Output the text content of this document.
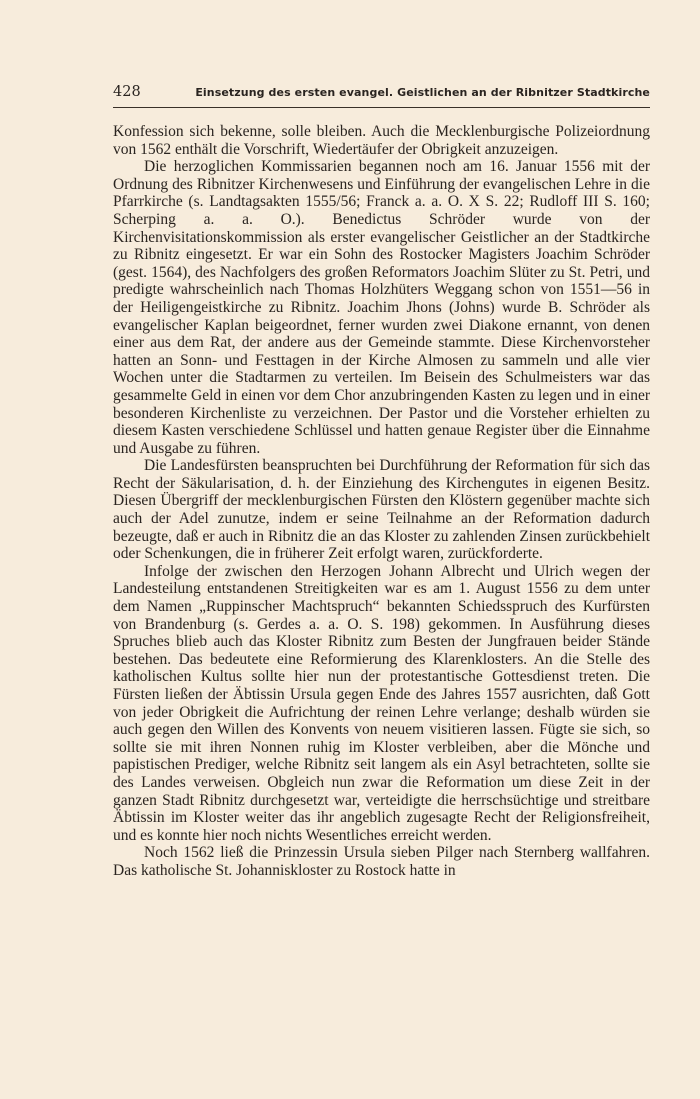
428	Einsetzung des ersten evangel. Geistlichen an der Ribnitzer Stadtkirche

Konfession sich bekenne, solle bleiben. Auch die Mecklenburgische Polizeiordnung von 1562 enthält die Vorschrift, Wiedertäufer der Obrigkeit anzuzeigen.

Die herzoglichen Kommissarien begannen noch am 16. Januar 1556 mit der Ordnung des Ribnitzer Kirchenwesens und Einführung der evangelischen Lehre in die Pfarrkirche (s. Landtagsakten 1555/56; Franck a. a. O. X S. 22; Rudloff III S. 160; Scherping a. a. O.). Benedictus Schröder wurde von der Kirchenvisitationskommission als erster evangelischer Geistlicher an der Stadtkirche zu Ribnitz eingesetzt. Er war ein Sohn des Rostocker Magisters Joachim Schröder (gest. 1564), des Nachfolgers des großen Reformators Joachim Slüter zu St. Petri, und predigte wahrscheinlich nach Thomas Holzhüters Weggang schon von 1551—56 in der Heiligengeistkirche zu Ribnitz. Joachim Jhons (Johns) wurde B. Schröder als evangelischer Kaplan beigeordnet, ferner wurden zwei Diakone ernannt, von denen einer aus dem Rat, der andere aus der Gemeinde stammte. Diese Kirchenvorsteher hatten an Sonn- und Festtagen in der Kirche Almosen zu sammeln und alle vier Wochen unter die Stadtarmen zu verteilen. Im Beisein des Schulmeisters war das gesammelte Geld in einen vor dem Chor anzubringenden Kasten zu legen und in einer besonderen Kirchenliste zu verzeichnen. Der Pastor und die Vorsteher erhielten zu diesem Kasten verschiedene Schlüssel und hatten genaue Register über die Einnahme und Ausgabe zu führen.

Die Landesfürsten beanspruchten bei Durchführung der Reformation für sich das Recht der Säkularisation, d. h. der Einziehung des Kirchengutes in eigenen Besitz. Diesen Übergriff der mecklenburgischen Fürsten den Klöstern gegenüber machte sich auch der Adel zunutze, indem er seine Teilnahme an der Reformation dadurch bezeugte, daß er auch in Ribnitz die an das Kloster zu zahlenden Zinsen zurückbehielt oder Schenkungen, die in früherer Zeit erfolgt waren, zurückforderte.

Infolge der zwischen den Herzogen Johann Albrecht und Ulrich wegen der Landesteilung entstandenen Streitigkeiten war es am 1. August 1556 zu dem unter dem Namen „Ruppinscher Machtspruch“ bekannten Schiedsspruch des Kurfürsten von Brandenburg (s. Gerdes a. a. O. S. 198) gekommen. In Ausführung dieses Spruches blieb auch das Kloster Ribnitz zum Besten der Jungfrauen beider Stände bestehen. Das bedeutete eine Reformierung des Klarenklosters. An die Stelle des katholischen Kultus sollte hier nun der protestantische Gottesdienst treten. Die Fürsten ließen der Äbtissin Ursula gegen Ende des Jahres 1557 ausrichten, daß Gott von jeder Obrigkeit die Aufrichtung der reinen Lehre verlange; deshalb würden sie auch gegen den Willen des Konvents von neuem visitieren lassen. Fügte sie sich, so sollte sie mit ihren Nonnen ruhig im Kloster verbleiben, aber die Mönche und papistischen Prediger, welche Ribnitz seit langem als ein Asyl betrachteten, sollte sie des Landes verweisen. Obgleich nun zwar die Reformation um diese Zeit in der ganzen Stadt Ribnitz durchgesetzt war, verteidigte die herrschsüchtige und streitbare Äbtissin im Kloster weiter das ihr angeblich zugesagte Recht der Religionsfreiheit, und es konnte hier noch nichts Wesentliches erreicht werden.

Noch 1562 ließ die Prinzessin Ursula sieben Pilger nach Sternberg wallfahren. Das katholische St. Johanniskloster zu Rostock hatte in
